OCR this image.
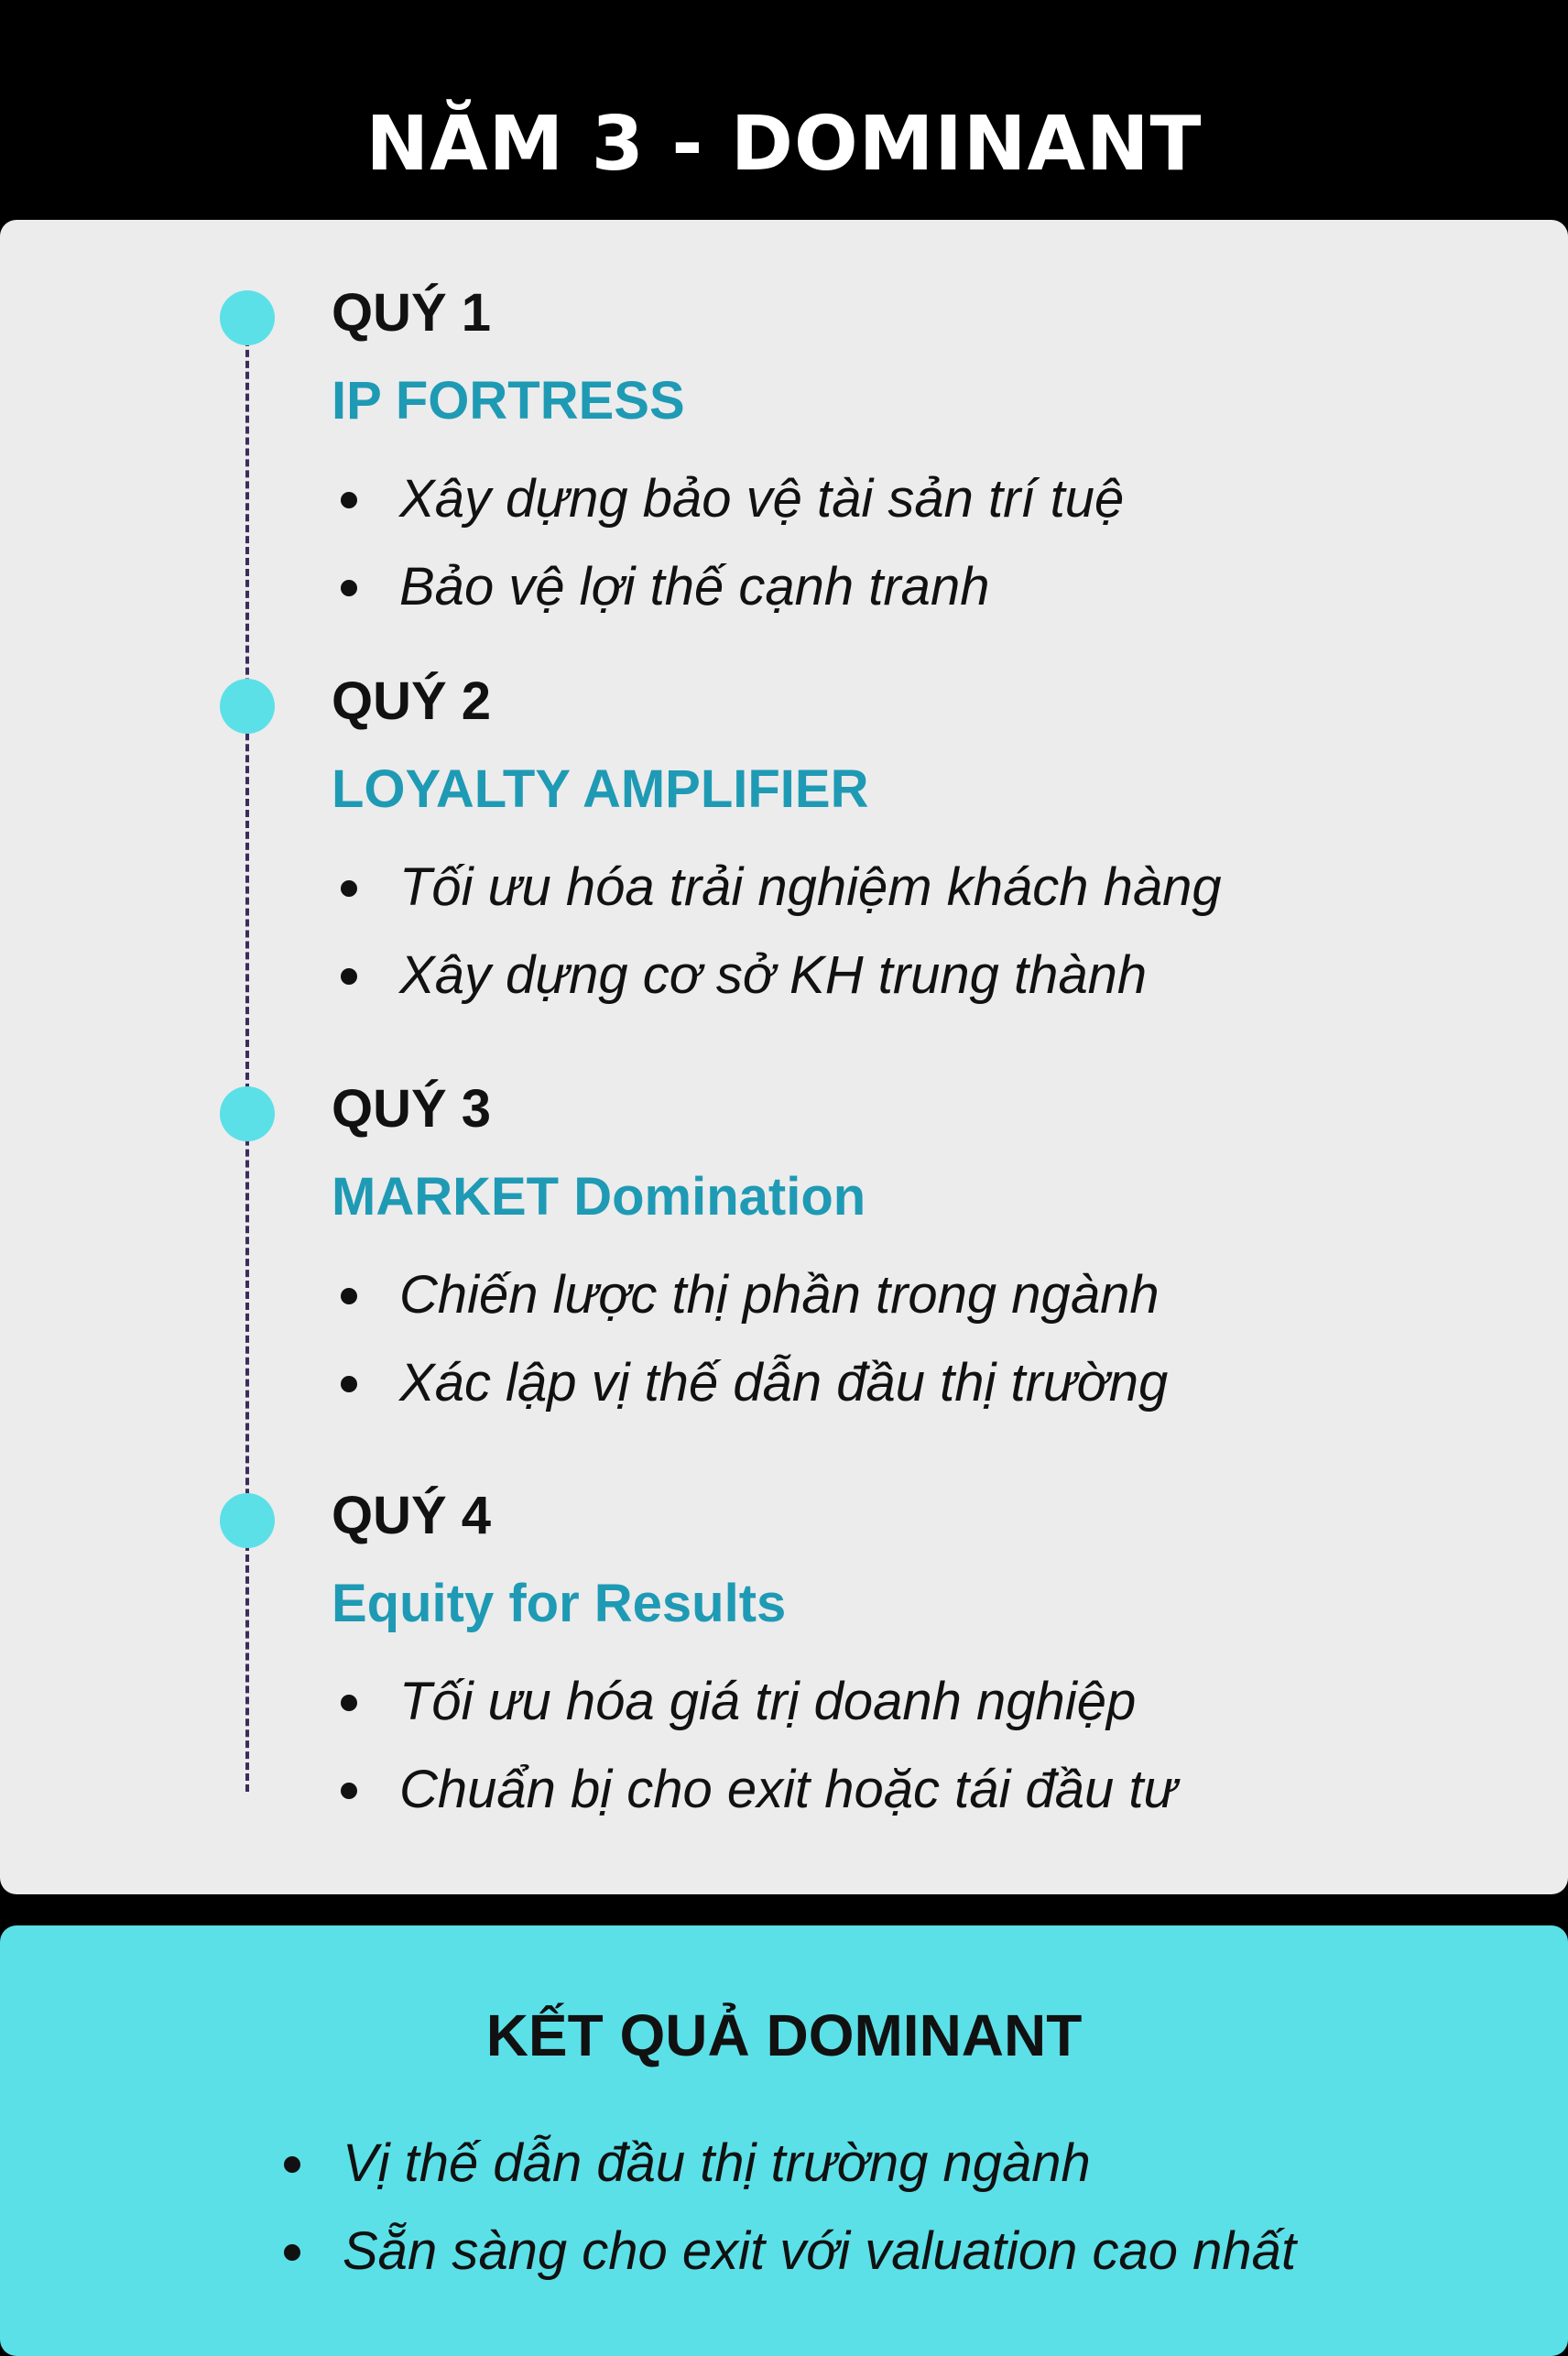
NĂM 3 - DOMINANT
QUÝ 1
IP FORTRESS
Xây dựng bảo vệ tài sản trí tuệ
Bảo vệ lợi thế cạnh tranh
QUÝ 2
LOYALTY AMPLIFIER
Tối ưu hóa trải nghiệm khách hàng
Xây dựng cơ sở KH trung thành
QUÝ 3
MARKET Domination
Chiến lược thị phần trong ngành
Xác lập vị thế dẫn đầu thị trường
QUÝ 4
Equity for Results
Tối ưu hóa giá trị doanh nghiệp
Chuẩn bị cho exit hoặc tái đầu tư
KẾT QUẢ DOMINANT
Vị thế dẫn đầu thị trường ngành
Sẵn sàng cho exit với valuation cao nhất
